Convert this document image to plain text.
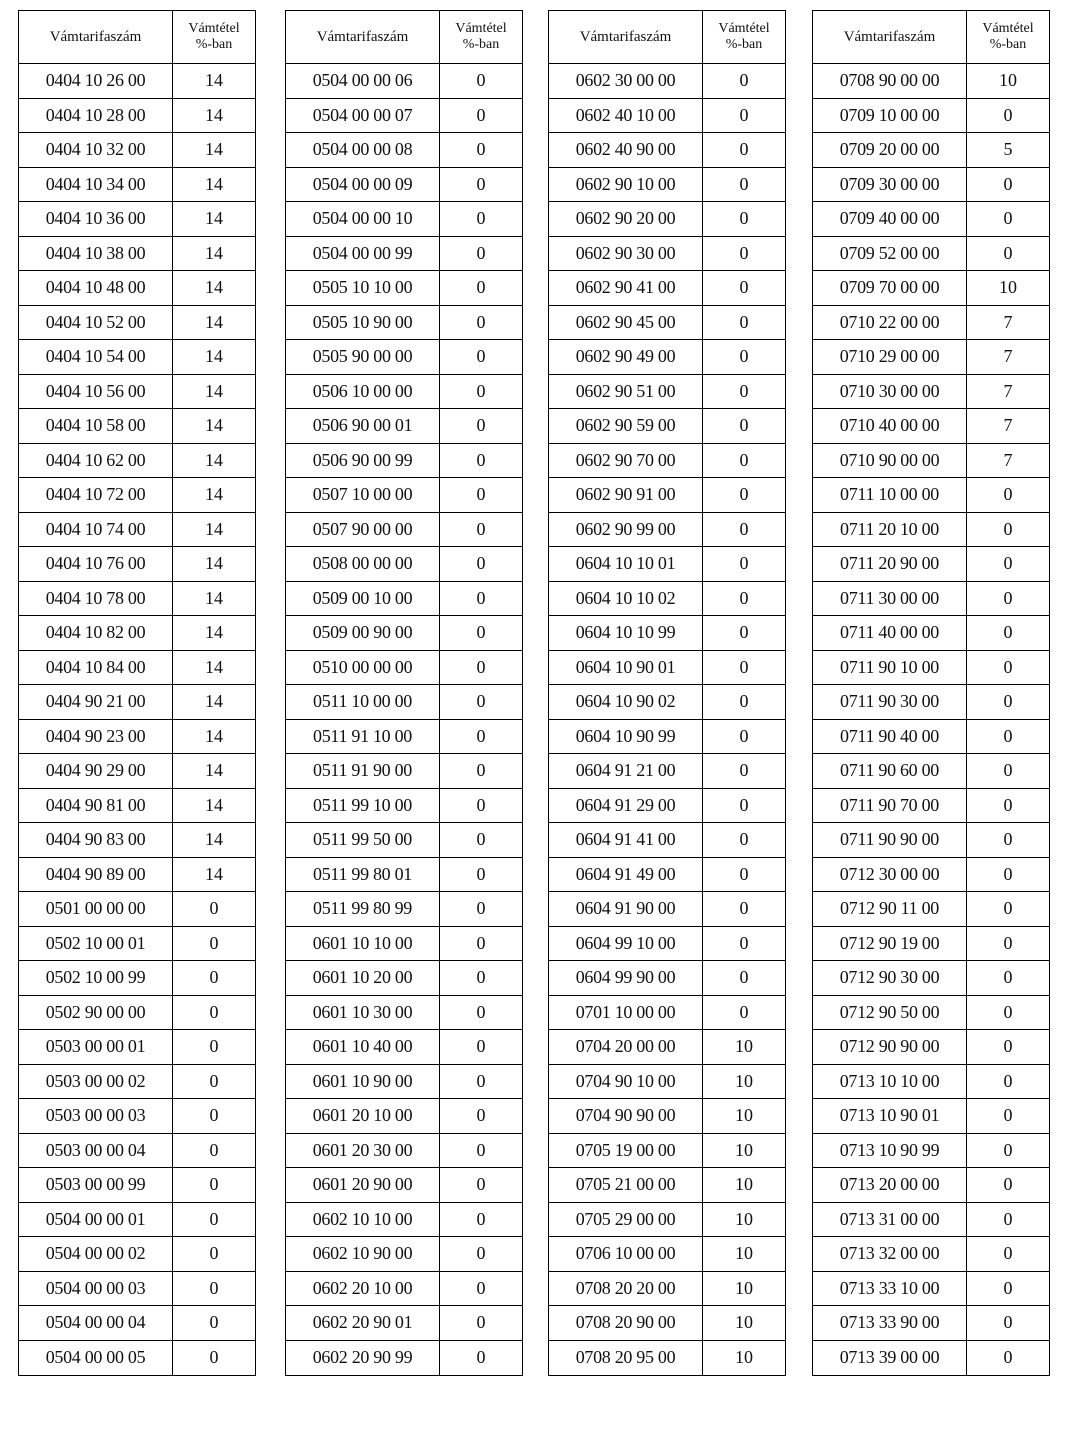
Vámtarifaszám	Vámtétel
%-ban
0404 10 26 00	14
0404 10 28 00	14
0404 10 32 00	14
0404 10 34 00	14
0404 10 36 00	14
0404 10 38 00	14
0404 10 48 00	14
0404 10 52 00	14
0404 10 54 00	14
0404 10 56 00	14
0404 10 58 00	14
0404 10 62 00	14
0404 10 72 00	14
0404 10 74 00	14
0404 10 76 00	14
0404 10 78 00	14
0404 10 82 00	14
0404 10 84 00	14
0404 90 21 00	14
0404 90 23 00	14
0404 90 29 00	14
0404 90 81 00	14
0404 90 83 00	14
0404 90 89 00	14
0501 00 00 00	0
0502 10 00 01	0
0502 10 00 99	0
0502 90 00 00	0
0503 00 00 01	0
0503 00 00 02	0
0503 00 00 03	0
0503 00 00 04	0
0503 00 00 99	0
0504 00 00 01	0
0504 00 00 02	0
0504 00 00 03	0
0504 00 00 04	0
0504 00 00 05	0
Vámtarifaszám	Vámtétel
%-ban
0504 00 00 06	0
0504 00 00 07	0
0504 00 00 08	0
0504 00 00 09	0
0504 00 00 10	0
0504 00 00 99	0
0505 10 10 00	0
0505 10 90 00	0
0505 90 00 00	0
0506 10 00 00	0
0506 90 00 01	0
0506 90 00 99	0
0507 10 00 00	0
0507 90 00 00	0
0508 00 00 00	0
0509 00 10 00	0
0509 00 90 00	0
0510 00 00 00	0
0511 10 00 00	0
0511 91 10 00	0
0511 91 90 00	0
0511 99 10 00	0
0511 99 50 00	0
0511 99 80 01	0
0511 99 80 99	0
0601 10 10 00	0
0601 10 20 00	0
0601 10 30 00	0
0601 10 40 00	0
0601 10 90 00	0
0601 20 10 00	0
0601 20 30 00	0
0601 20 90 00	0
0602 10 10 00	0
0602 10 90 00	0
0602 20 10 00	0
0602 20 90 01	0
0602 20 90 99	0
Vámtarifaszám	Vámtétel
%-ban
0602 30 00 00	0
0602 40 10 00	0
0602 40 90 00	0
0602 90 10 00	0
0602 90 20 00	0
0602 90 30 00	0
0602 90 41 00	0
0602 90 45 00	0
0602 90 49 00	0
0602 90 51 00	0
0602 90 59 00	0
0602 90 70 00	0
0602 90 91 00	0
0602 90 99 00	0
0604 10 10 01	0
0604 10 10 02	0
0604 10 10 99	0
0604 10 90 01	0
0604 10 90 02	0
0604 10 90 99	0
0604 91 21 00	0
0604 91 29 00	0
0604 91 41 00	0
0604 91 49 00	0
0604 91 90 00	0
0604 99 10 00	0
0604 99 90 00	0
0701 10 00 00	0
0704 20 00 00	10
0704 90 10 00	10
0704 90 90 00	10
0705 19 00 00	10
0705 21 00 00	10
0705 29 00 00	10
0706 10 00 00	10
0708 20 20 00	10
0708 20 90 00	10
0708 20 95 00	10
Vámtarifaszám	Vámtétel
%-ban
0708 90 00 00	10
0709 10 00 00	0
0709 20 00 00	5
0709 30 00 00	0
0709 40 00 00	0
0709 52 00 00	0
0709 70 00 00	10
0710 22 00 00	7
0710 29 00 00	7
0710 30 00 00	7
0710 40 00 00	7
0710 90 00 00	7
0711 10 00 00	0
0711 20 10 00	0
0711 20 90 00	0
0711 30 00 00	0
0711 40 00 00	0
0711 90 10 00	0
0711 90 30 00	0
0711 90 40 00	0
0711 90 60 00	0
0711 90 70 00	0
0711 90 90 00	0
0712 30 00 00	0
0712 90 11 00	0
0712 90 19 00	0
0712 90 30 00	0
0712 90 50 00	0
0712 90 90 00	0
0713 10 10 00	0
0713 10 90 01	0
0713 10 90 99	0
0713 20 00 00	0
0713 31 00 00	0
0713 32 00 00	0
0713 33 10 00	0
0713 33 90 00	0
0713 39 00 00	0
